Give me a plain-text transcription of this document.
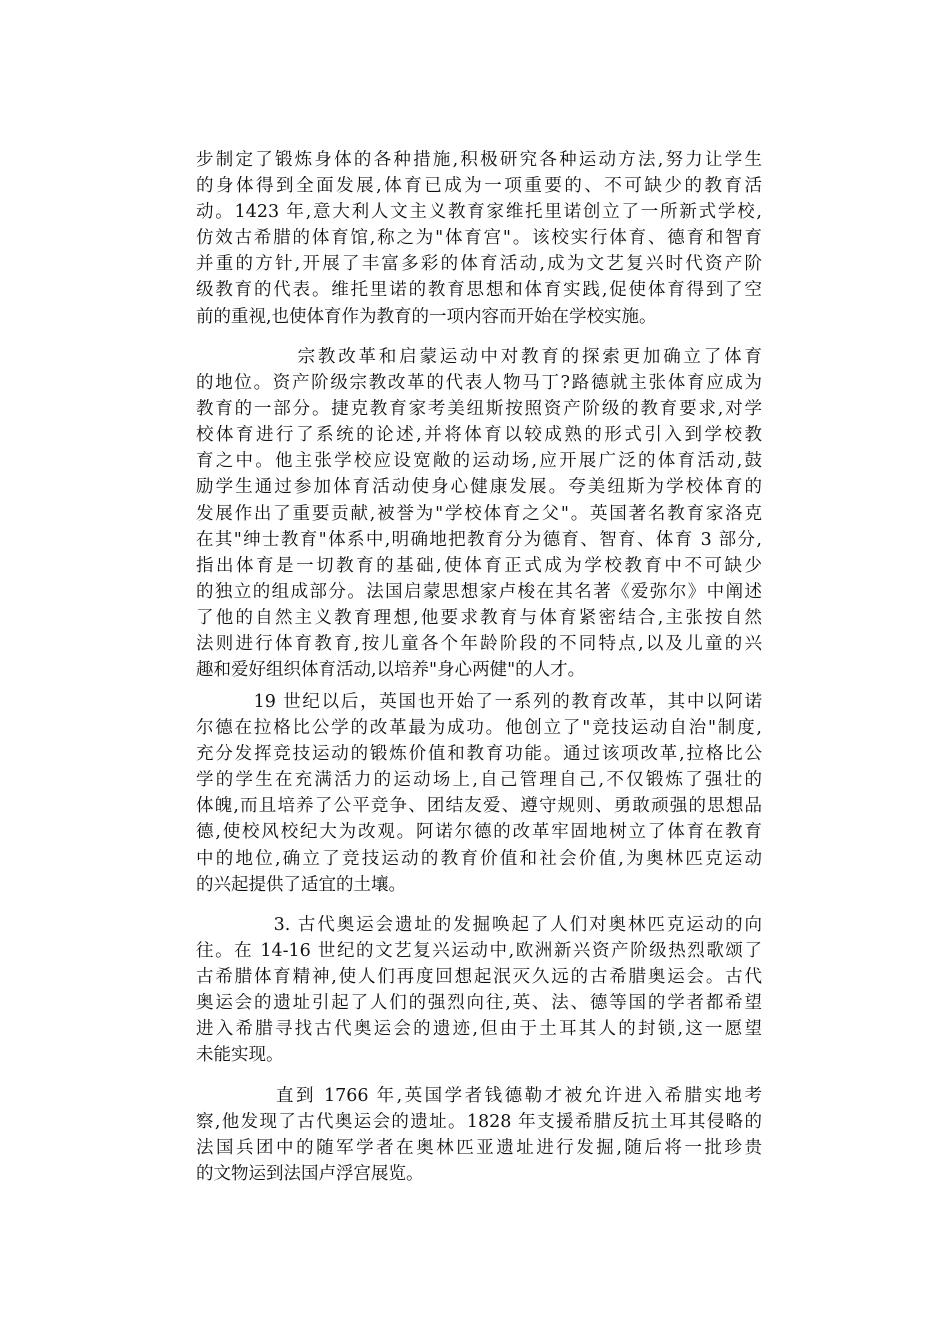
步制定了锻炼身体的各种措施,积极研究各种运动方法,努力让学生
的身体得到全面发展,体育已成为一项重要的、不可缺少的教育活
动。1423 年,意大利人文主义教育家维托里诺创立了一所新式学校,
仿效古希腊的体育馆,称之为"体育宫"。该校实行体育、德育和智育
并重的方针,开展了丰富多彩的体育活动,成为文艺复兴时代资产阶
级教育的代表。维托里诺的教育思想和体育实践,促使体育得到了空
前的重视,也使体育作为教育的一项内容而开始在学校实施。
　　　　　宗教改革和启蒙运动中对教育的探索更加确立了体育
的地位。资产阶级宗教改革的代表人物马丁?路德就主张体育应成为
教育的一部分。捷克教育家考美纽斯按照资产阶级的教育要求,对学
校体育进行了系统的论述,并将体育以较成熟的形式引入到学校教
育之中。他主张学校应设宽敞的运动场,应开展广泛的体育活动,鼓
励学生通过参加体育活动使身心健康发展。夸美纽斯为学校体育的
发展作出了重要贡献,被誉为"学校体育之父"。英国著名教育家洛克
在其"绅士教育"体系中,明确地把教育分为德育、智育、体育 3 部分,
指出体育是一切教育的基础,使体育正式成为学校教育中不可缺少
的独立的组成部分。法国启蒙思想家卢梭在其名著《爱弥尔》中阐述
了他的自然主义教育理想,他要求教育与体育紧密结合,主张按自然
法则进行体育教育,按儿童各个年龄阶段的不同特点,以及儿童的兴
趣和爱好组织体育活动,以培养"身心两健"的人才。
　　　19 世纪以后，英国也开始了一系列的教育改革，其中以阿诺
尔德在拉格比公学的改革最为成功。他创立了"竞技运动自治"制度,
充分发挥竞技运动的锻炼价值和教育功能。通过该项改革,拉格比公
学的学生在充满活力的运动场上,自己管理自己,不仅锻炼了强壮的
体魄,而且培养了公平竞争、团结友爱、遵守规则、勇敢顽强的思想品
德,使校风校纪大为改观。阿诺尔德的改革牢固地树立了体育在教育
中的地位,确立了竞技运动的教育价值和社会价值,为奥林匹克运动
的兴起提供了适宜的土壤。
　　　　3. 古代奥运会遗址的发掘唤起了人们对奥林匹克运动的向
往。在 14-16 世纪的文艺复兴运动中,欧洲新兴资产阶级热烈歌颂了
古希腊体育精神,使人们再度回想起泯灭久远的古希腊奥运会。古代
奥运会的遗址引起了人们的强烈向往,英、法、德等国的学者都希望
进入希腊寻找古代奥运会的遗迹,但由于土耳其人的封锁,这一愿望
未能实现。
　　　　直到 1766 年,英国学者钱德勒才被允许进入希腊实地考
察,他发现了古代奥运会的遗址。1828 年支援希腊反抗土耳其侵略的
法国兵团中的随军学者在奥林匹亚遗址进行发掘,随后将一批珍贵
的文物运到法国卢浮宫展览。
